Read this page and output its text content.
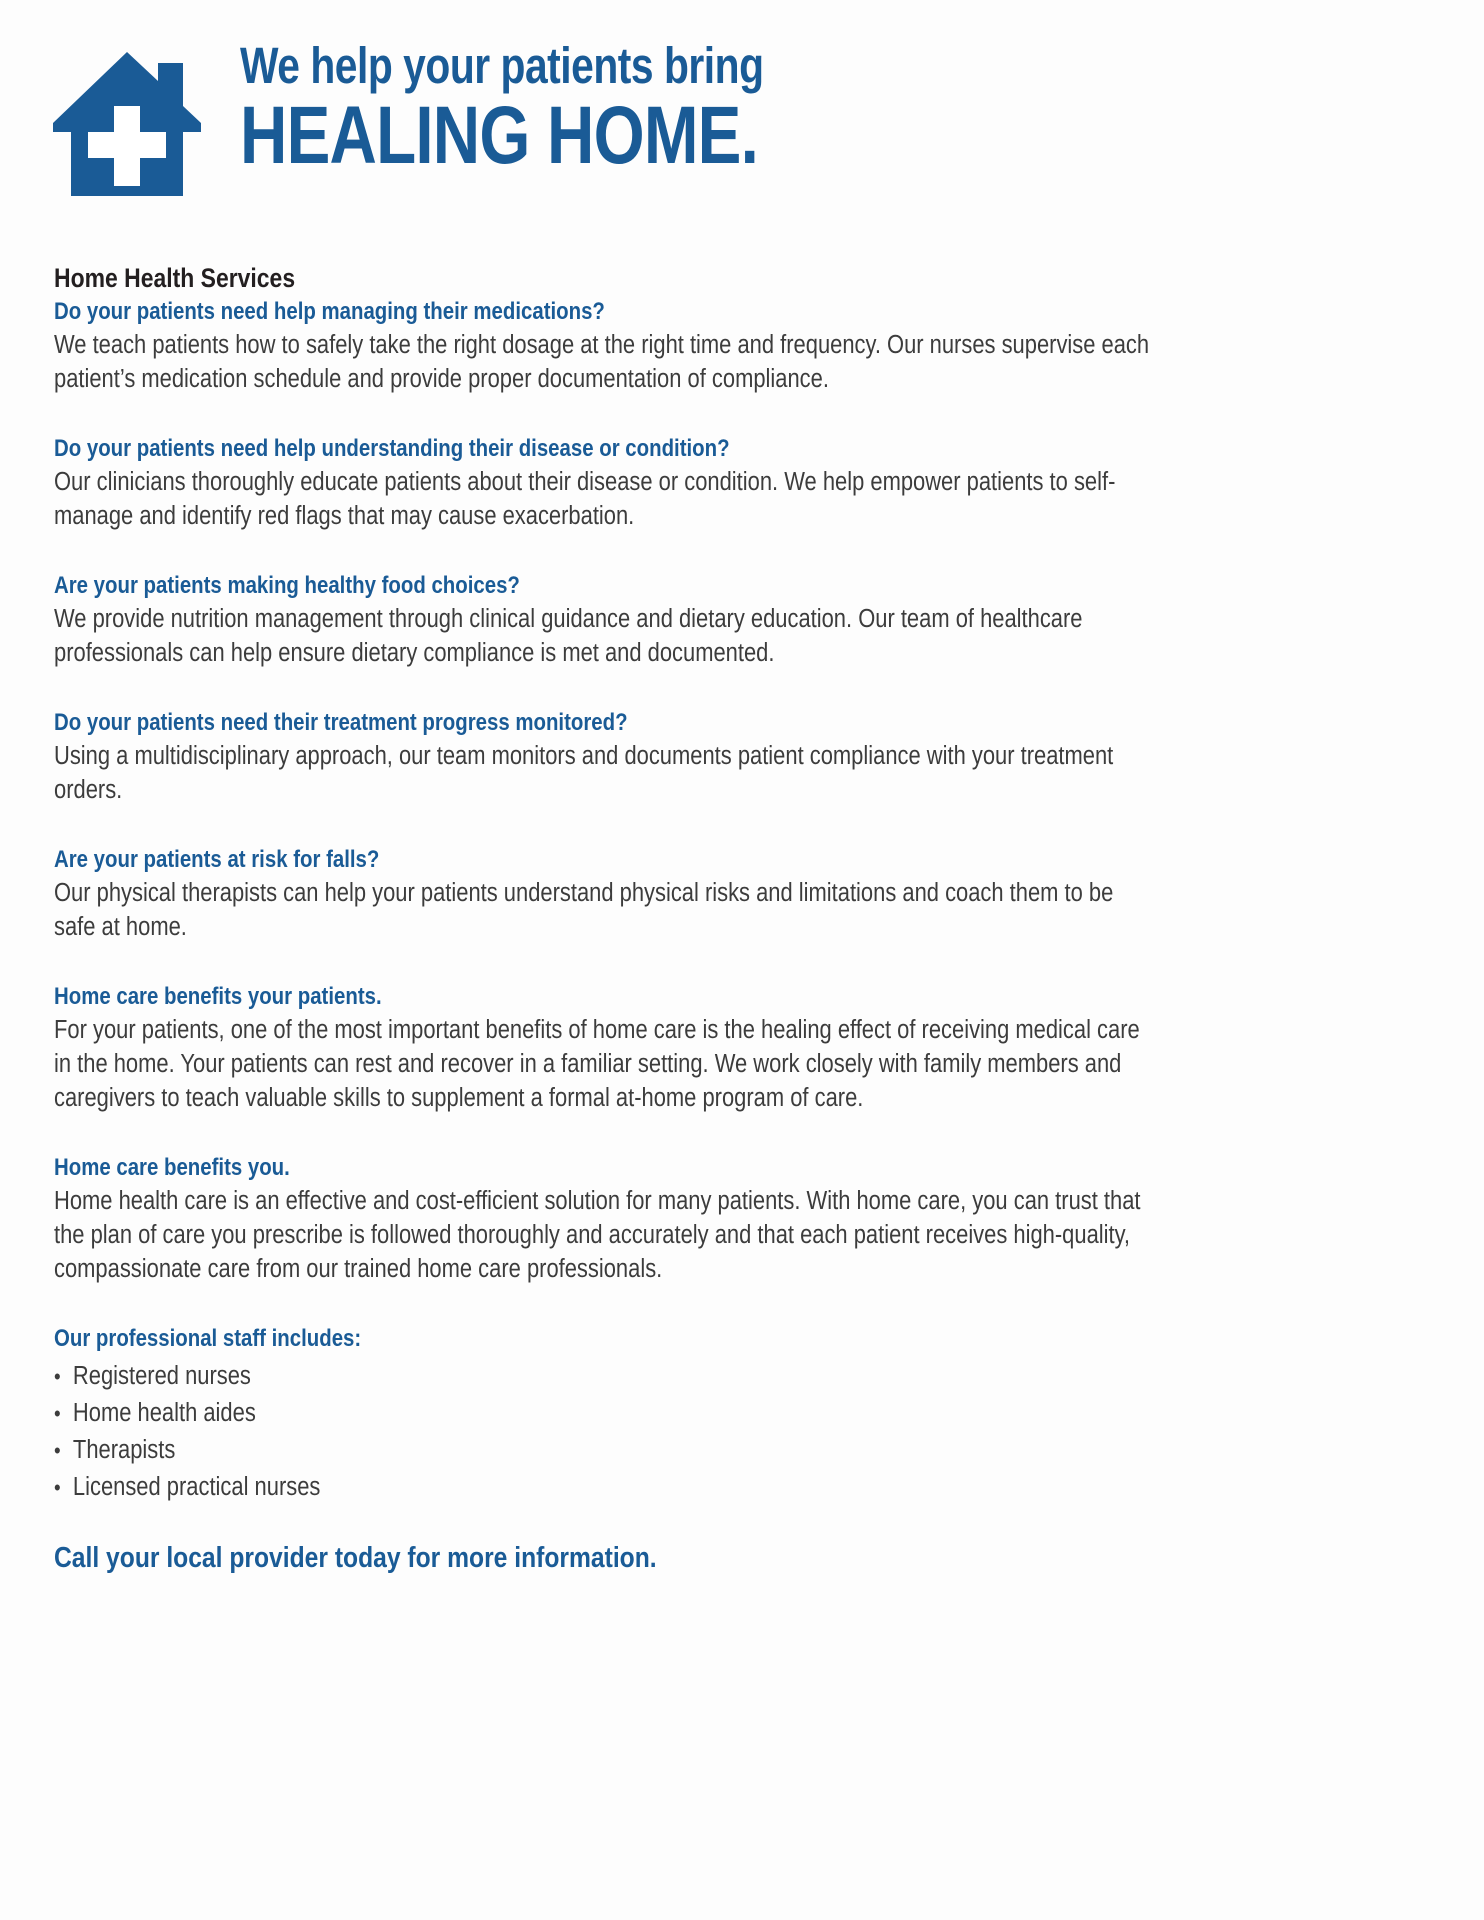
We help your patients bring
HEALING HOME.
Home Health Services
Do your patients need help managing their medications?
We teach patients how to safely take the right dosage at the right time and frequency. Our nurses supervise each patient’s medication schedule and provide proper documentation of compliance.
Do your patients need help understanding their disease or condition?
Our clinicians thoroughly educate patients about their disease or condition. We help empower patients to self-manage and identify red flags that may cause exacerbation.
Are your patients making healthy food choices?
We provide nutrition management through clinical guidance and dietary education. Our team of healthcare professionals can help ensure dietary compliance is met and documented.
Do your patients need their treatment progress monitored?
Using a multidisciplinary approach, our team monitors and documents patient compliance with your treatment orders.
Are your patients at risk for falls?
Our physical therapists can help your patients understand physical risks and limitations and coach them to be safe at home.
Home care benefits your patients.
For your patients, one of the most important benefits of home care is the healing effect of receiving medical care in the home. Your patients can rest and recover in a familiar setting. We work closely with family members and caregivers to teach valuable skills to supplement a formal at-home program of care.
Home care benefits you.
Home health care is an effective and cost-efficient solution for many patients. With home care, you can trust that the plan of care you prescribe is followed thoroughly and accurately and that each patient receives high-quality, compassionate care from our trained home care professionals.
Our professional staff includes:
• Registered nurses
• Home health aides
• Therapists
• Licensed practical nurses
Call your local provider today for more information.
